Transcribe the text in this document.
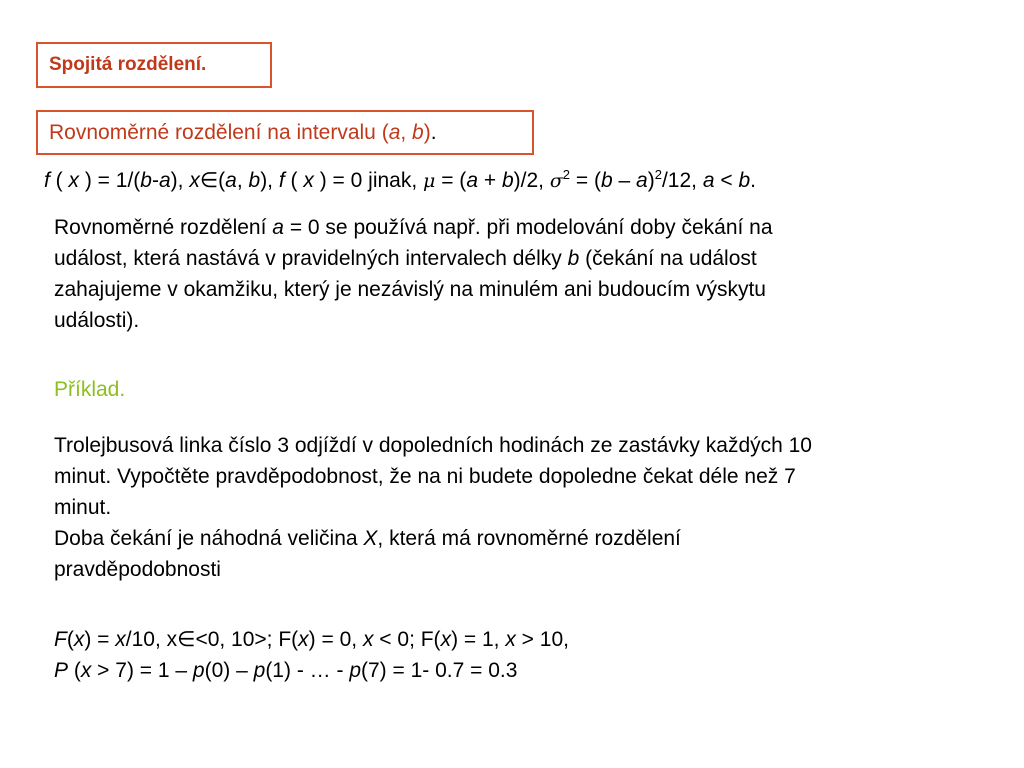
Spojitá rozdělení.
Rovnoměrné rozdělení na intervalu (a, b) .
f ( x ) = 1/(b-a), x∈(a, b), f ( x ) = 0 jinak, μ = (a + b)/2, $\sigma^2 = (b - a)^2/12$, a < b.
Rovnoměrné rozdělení a = 0 se používá např. při modelování doby čekání na
událost, která nastává v pravidelných intervalech délky b (čekání na událost
zahajujeme v okamžiku, který je nezávislý na minulém ani budoucím výskytu
události).
Příklad.
Trolejbusová linka číslo 3 odjíždí v dopoledních hodinách ze zastávky každých 10
minut. Vypočtěte pravděpodobnost, že na ni budete dopoledne čekat déle než 7
minut.
Doba čekání je náhodná veličina X, která má rovnoměrné rozdělení
pravděpodobnosti
F(x) = x/10, x∈<0, 10>; F(x) = 0, x < 0; F(x) = 1, x > 10,
P (x > 7) = 1 – p(0) – p(1) - … - p(7) = 1- 0.7 = 0.3
